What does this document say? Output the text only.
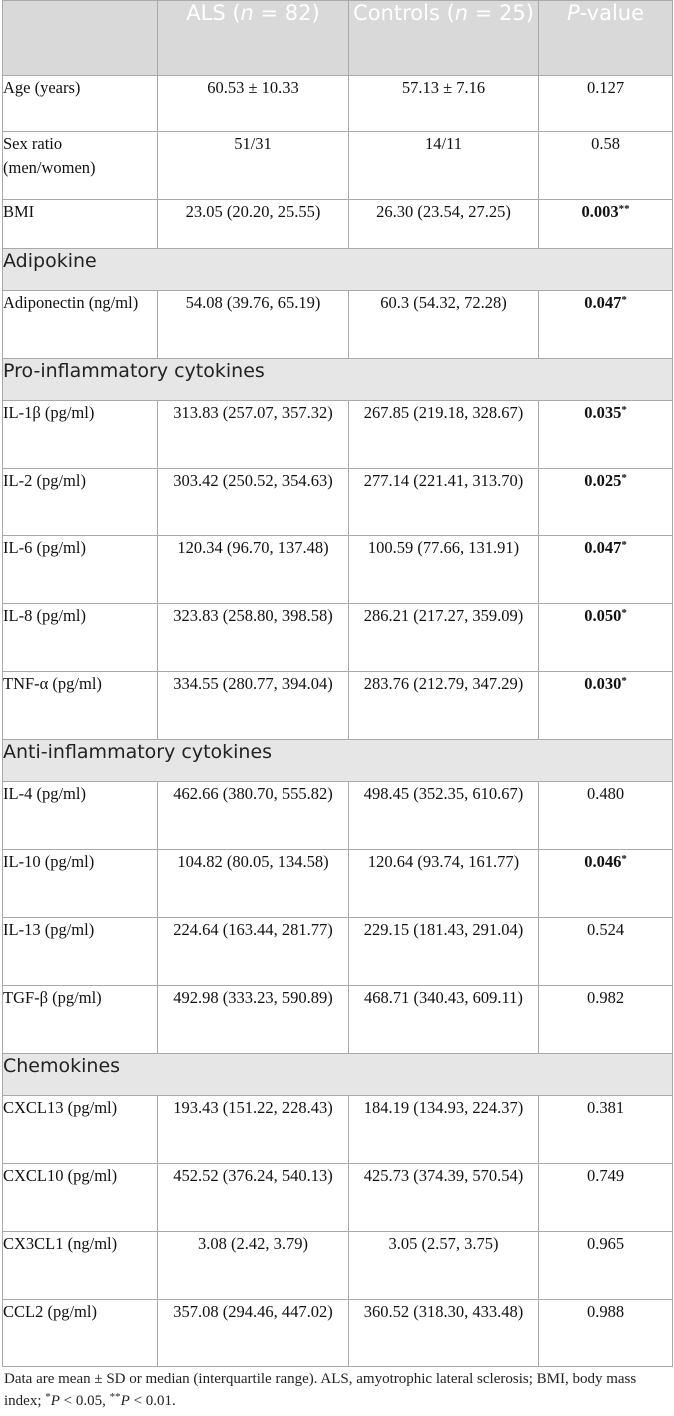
	ALS (n = 82)	Controls (n = 25)	P-value
Age (years)	60.53 ± 10.33	57.13 ± 7.16	0.127
Sex ratio (men/women)	51/31	14/11	0.58
BMI	23.05 (20.20, 25.55)	26.30 (23.54, 27.25)	0.003**
Adipokine			
Adiponectin (ng/ml)	54.08 (39.76, 65.19)	60.3 (54.32, 72.28)	0.047*
Pro-inflammatory cytokines			
IL-1β (pg/ml)	313.83 (257.07, 357.32)	267.85 (219.18, 328.67)	0.035*
IL-2 (pg/ml)	303.42 (250.52, 354.63)	277.14 (221.41, 313.70)	0.025*
IL-6 (pg/ml)	120.34 (96.70, 137.48)	100.59 (77.66, 131.91)	0.047*
IL-8 (pg/ml)	323.83 (258.80, 398.58)	286.21 (217.27, 359.09)	0.050*
TNF-α (pg/ml)	334.55 (280.77, 394.04)	283.76 (212.79, 347.29)	0.030*
Anti-inflammatory cytokines			
IL-4 (pg/ml)	462.66 (380.70, 555.82)	498.45 (352.35, 610.67)	0.480
IL-10 (pg/ml)	104.82 (80.05, 134.58)	120.64 (93.74, 161.77)	0.046*
IL-13 (pg/ml)	224.64 (163.44, 281.77)	229.15 (181.43, 291.04)	0.524
TGF-β (pg/ml)	492.98 (333.23, 590.89)	468.71 (340.43, 609.11)	0.982
Chemokines			
CXCL13 (pg/ml)	193.43 (151.22, 228.43)	184.19 (134.93, 224.37)	0.381
CXCL10 (pg/ml)	452.52 (376.24, 540.13)	425.73 (374.39, 570.54)	0.749
CX3CL1 (ng/ml)	3.08 (2.42, 3.79)	3.05 (2.57, 3.75)	0.965
CCL2 (pg/ml)	357.08 (294.46, 447.02)	360.52 (318.30, 433.48)	0.988
Data are mean ± SD or median (interquartile range). ALS, amyotrophic lateral sclerosis; BMI, body mass index; *P < 0.05, **P < 0.01.
